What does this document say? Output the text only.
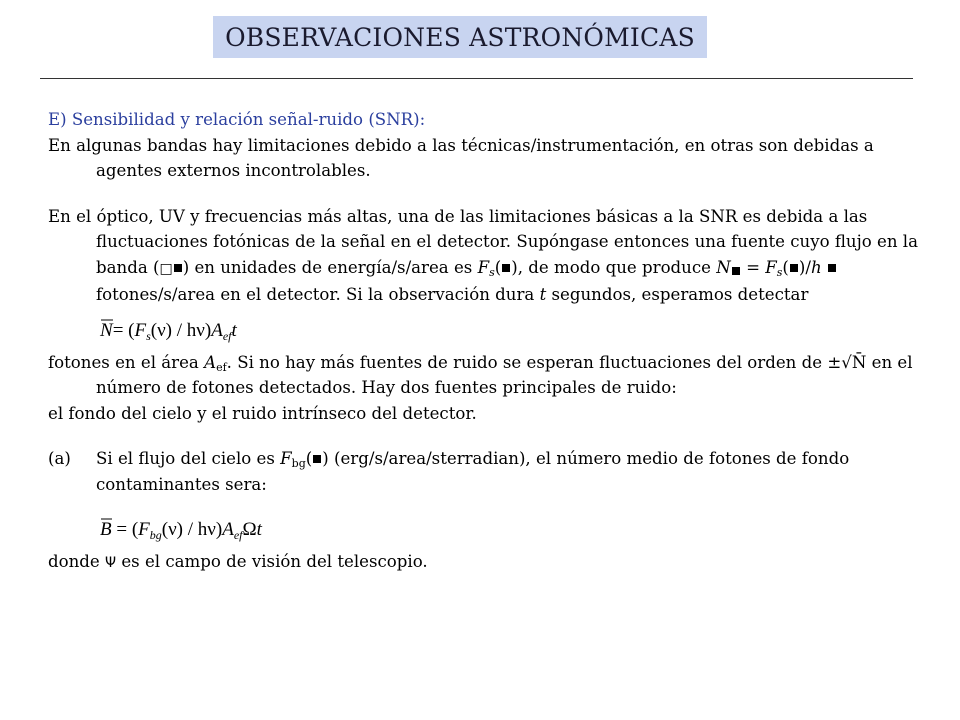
OBSERVACIONES ASTRONÓMICAS
E) Sensibilidad y relación señal-ruido (SNR):

En algunas bandas hay limitaciones debido a las técnicas/instrumentación, en otras son debidas a agentes externos incontrolables.

En el óptico, UV y frecuencias más altas, una de las limitaciones básicas a la SNR es debida a las fluctuaciones fotónicas de la señal en el detector. Supóngase entonces una fuente cuyo flujo en la banda (□ ) en unidades de energía/s/area es $F_s$( ), de modo que produce $N = F_s$( )/h  fotones/s/area en el detector. Si la observación dura t segundos, esperamos detectar

$N= (F_s(\nu) / h\nu)A_{ef}t$

fotones en el área $A_{ef}$. Si no hay más fuentes de ruido se esperan fluctuaciones del orden de ±√N̄ en el número de fotones detectados. Hay dos fuentes principales de ruido:

el fondo del cielo y el ruido intrínseco del detector.

(a)	Si el flujo del cielo es $F_{bg}$( ) (erg/s/area/sterradian), el número medio de fotones de fondo contaminantes sera:
$B = (F_{bg}(\nu) / h\nu)A_{ef}\Omega t$

donde Ψ es el campo de visión del telescopio.
